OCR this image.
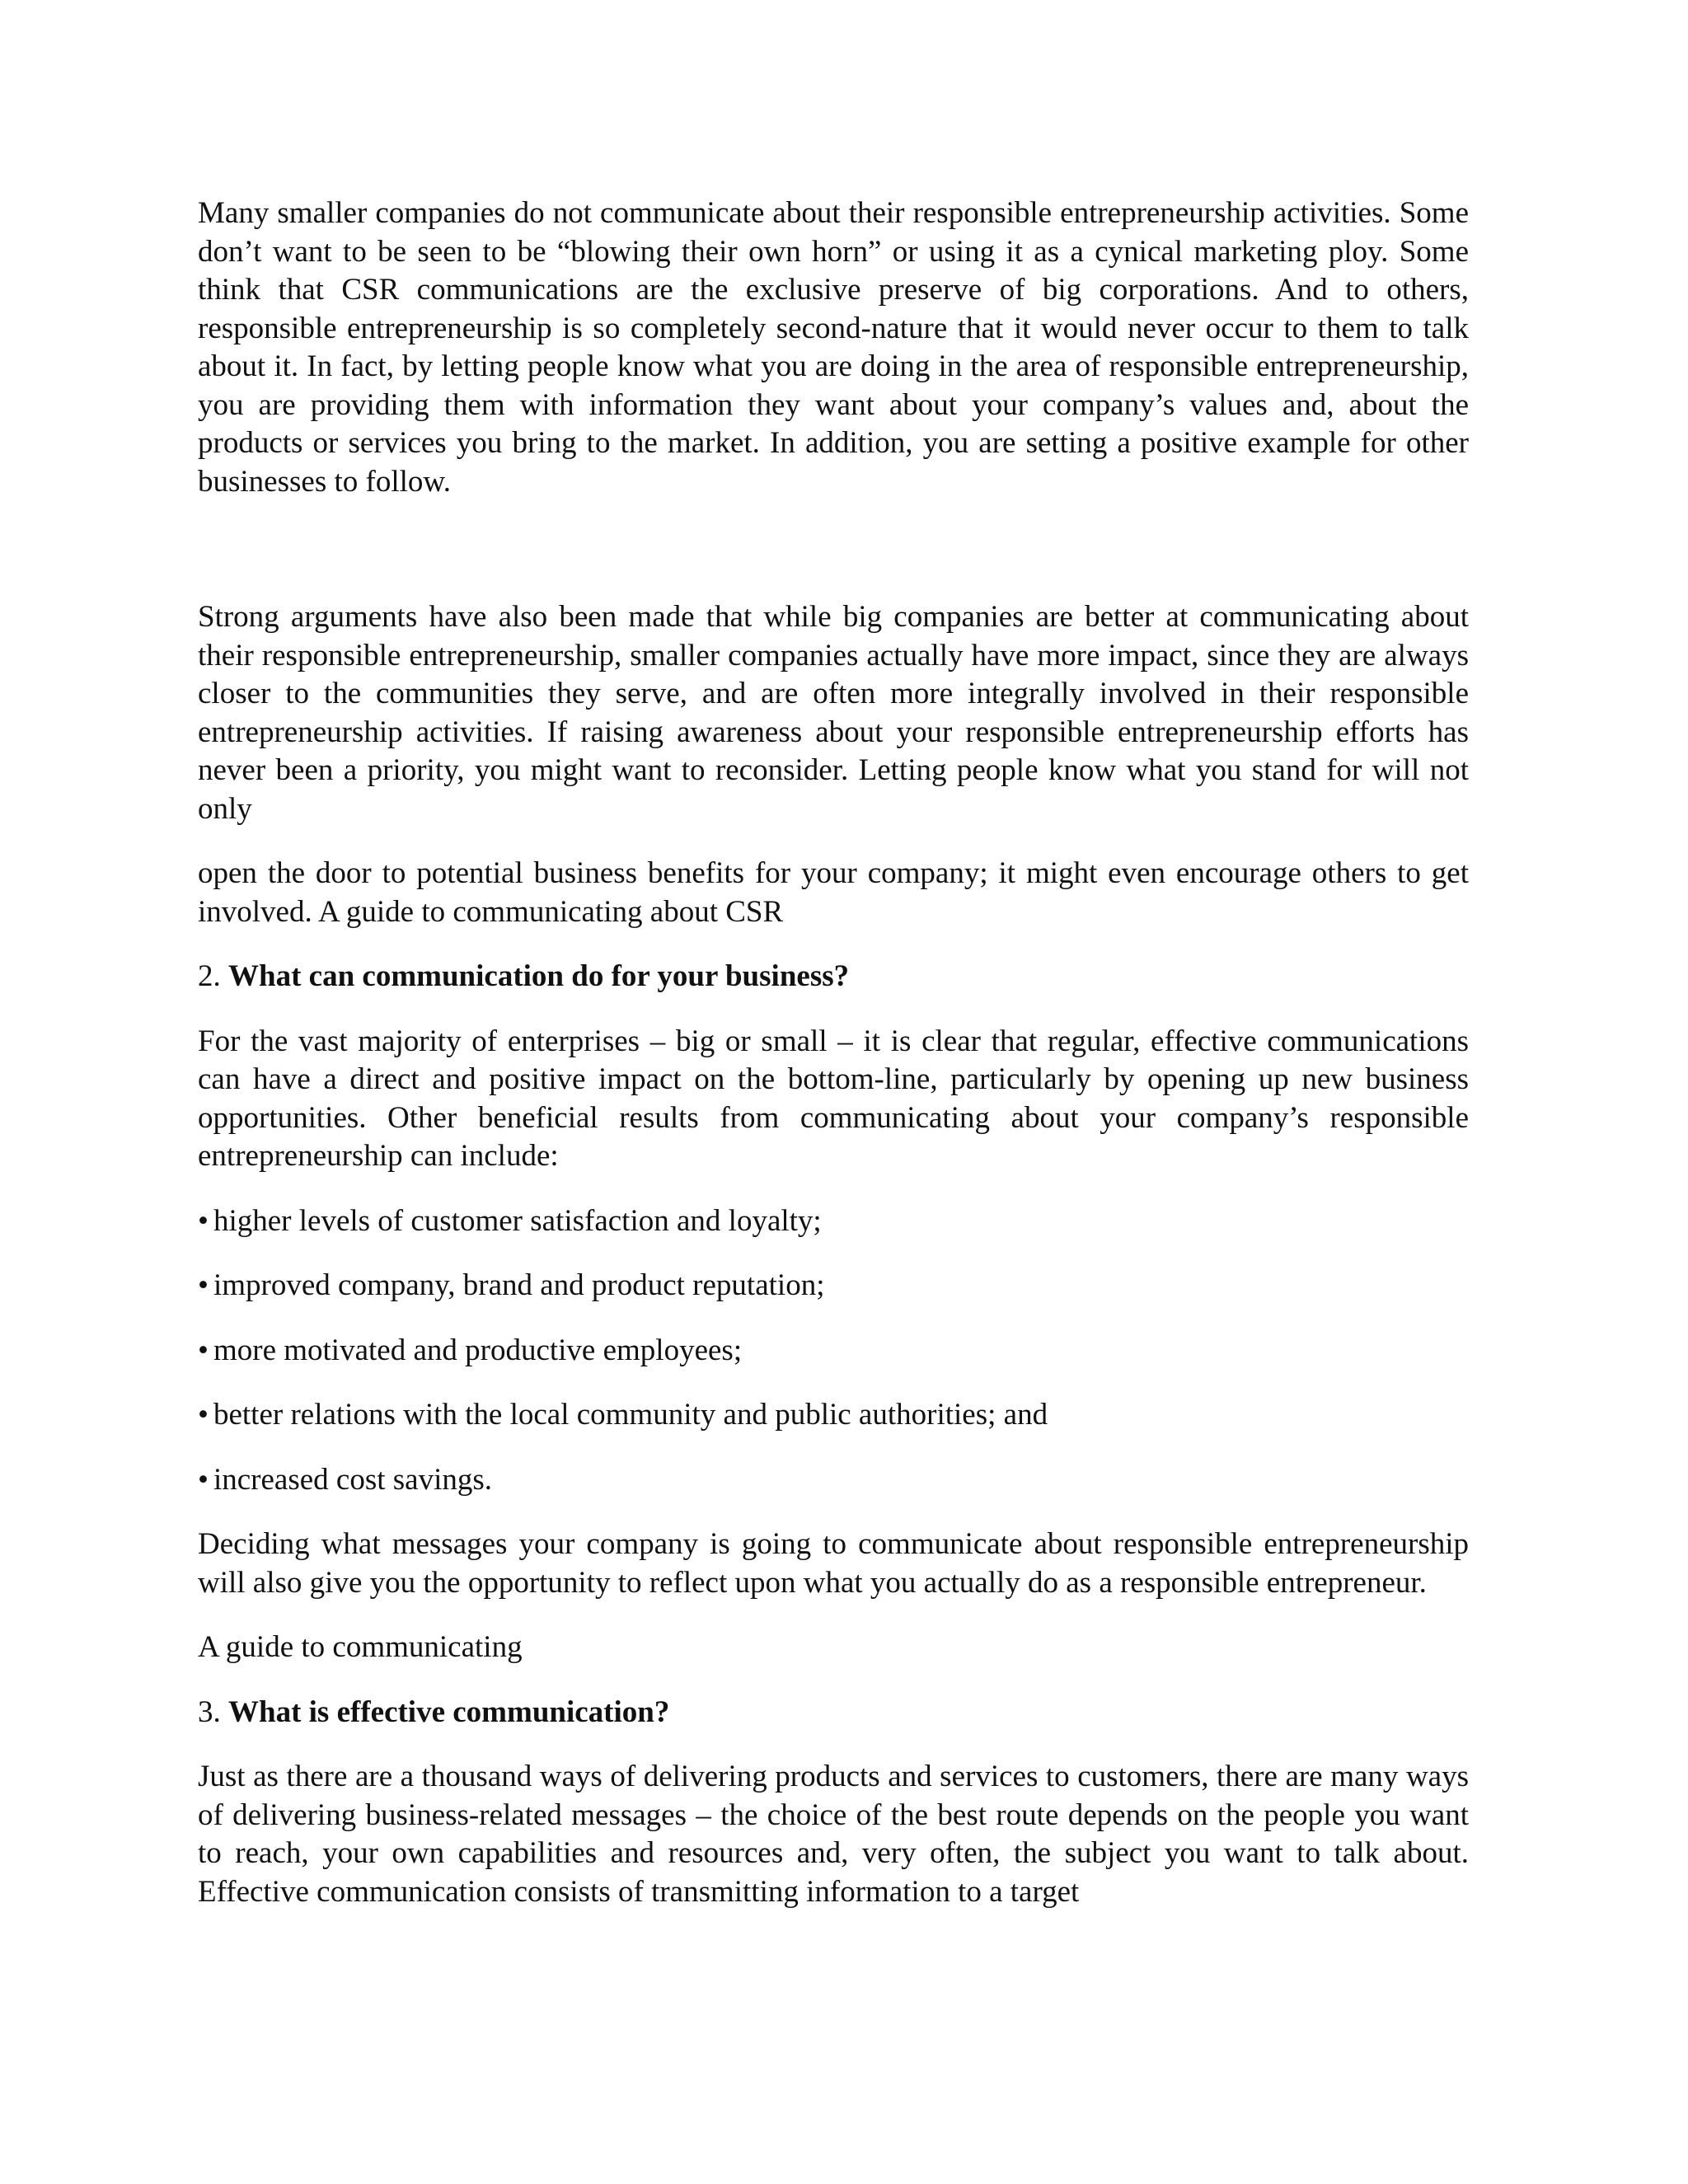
Many smaller companies do not communicate about their responsible entrepreneurship activities. Some don’t want to be seen to be “blowing their own horn” or using it as a cynical marketing ploy. Some think that CSR communications are the exclusive preserve of big corporations. And to others, responsible entrepreneurship is so completely second-nature that it would never occur to them to talk about it. In fact, by letting people know what you are doing in the area of responsible entrepreneurship, you are providing them with information they want about your company’s values and, about the products or services you bring to the market. In addition, you are setting a positive example for other businesses to follow.

Strong arguments have also been made that while big companies are better at communicating about their responsible entrepreneurship, smaller companies actually have more impact, since they are always closer to the communities they serve, and are often more integrally involved in their responsible entrepreneurship activities. If raising awareness about your responsible entrepreneurship efforts has never been a priority, you might want to reconsider. Letting people know what you stand for will not only

open the door to potential business benefits for your company; it might even encourage others to get involved. A guide to communicating about CSR

2. What can communication do for your business?

For the vast majority of enterprises – big or small – it is clear that regular, effective communications can have a direct and positive impact on the bottom-line, particularly by opening up new business opportunities. Other beneficial results from communicating about your company’s responsible entrepreneurship can include:

• higher levels of customer satisfaction and loyalty;
• improved company, brand and product reputation;
• more motivated and productive employees;
• better relations with the local community and public authorities; and
• increased cost savings.

Deciding what messages your company is going to communicate about responsible entrepreneurship will also give you the opportunity to reflect upon what you actually do as a responsible entrepreneur.

A guide to communicating

3. What is effective communication?

Just as there are a thousand ways of delivering products and services to customers, there are many ways of delivering business-related messages – the choice of the best route depends on the people you want to reach, your own capabilities and resources and, very often, the subject you want to talk about. Effective communication consists of transmitting information to a target
